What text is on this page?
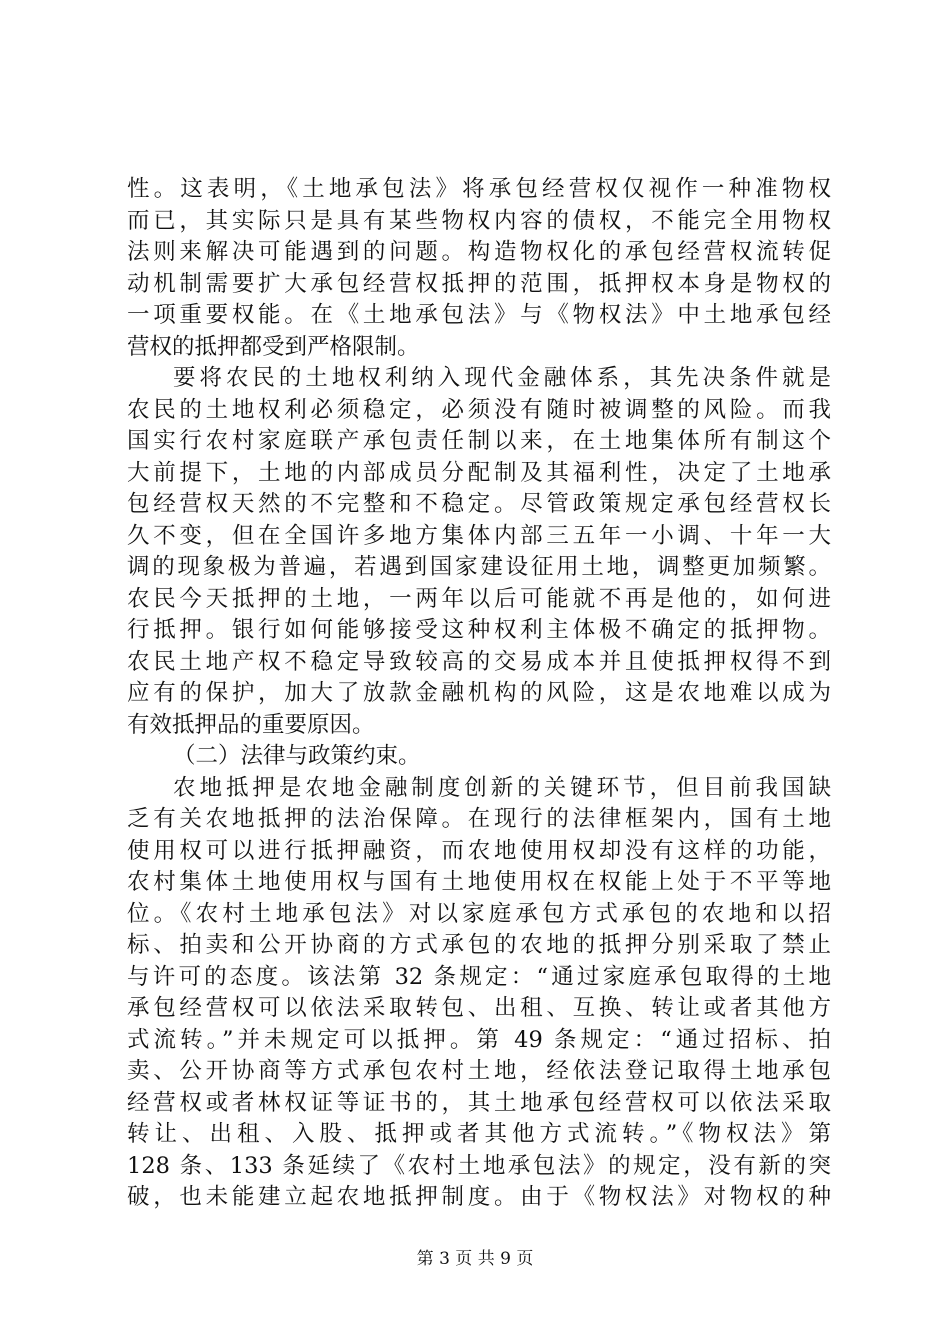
性。这表明，《土地承包法》将承包经营权仅视作一种准物权
而已，其实际只是具有某些物权内容的债权，不能完全用物权
法则来解决可能遇到的问题。构造物权化的承包经营权流转促
动机制需要扩大承包经营权抵押的范围，抵押权本身是物权的
一项重要权能。在《土地承包法》与《物权法》中土地承包经
营权的抵押都受到严格限制。
要将农民的土地权利纳入现代金融体系，其先决条件就是
农民的土地权利必须稳定，必须没有随时被调整的风险。而我
国实行农村家庭联产承包责任制以来，在土地集体所有制这个
大前提下，土地的内部成员分配制及其福利性，决定了土地承
包经营权天然的不完整和不稳定。尽管政策规定承包经营权长
久不变，但在全国许多地方集体内部三五年一小调、十年一大
调的现象极为普遍，若遇到国家建设征用土地，调整更加频繁。
农民今天抵押的土地，一两年以后可能就不再是他的，如何进
行抵押。银行如何能够接受这种权利主体极不确定的抵押物。
农民土地产权不稳定导致较高的交易成本并且使抵押权得不到
应有的保护，加大了放款金融机构的风险，这是农地难以成为
有效抵押品的重要原因。
（二）法律与政策约束。
农地抵押是农地金融制度创新的关键环节，但目前我国缺
乏有关农地抵押的法治保障。在现行的法律框架内，国有土地
使用权可以进行抵押融资，而农地使用权却没有这样的功能，
农村集体土地使用权与国有土地使用权在权能上处于不平等地
位。《农村土地承包法》对以家庭承包方式承包的农地和以招
标、拍卖和公开协商的方式承包的农地的抵押分别采取了禁止
与许可的态度。该法第 32 条规定：“通过家庭承包取得的土地
承包经营权可以依法采取转包、出租、互换、转让或者其他方
式流转。”并未规定可以抵押。第 49 条规定：“通过招标、拍
卖、公开协商等方式承包农村土地，经依法登记取得土地承包
经营权或者林权证等证书的，其土地承包经营权可以依法采取
转让、出租、入股、抵押或者其他方式流转。”《物权法》第
128 条、133 条延续了《农村土地承包法》的规定，没有新的突
破，也未能建立起农地抵押制度。由于《物权法》对物权的种
第 3 页 共 9 页
